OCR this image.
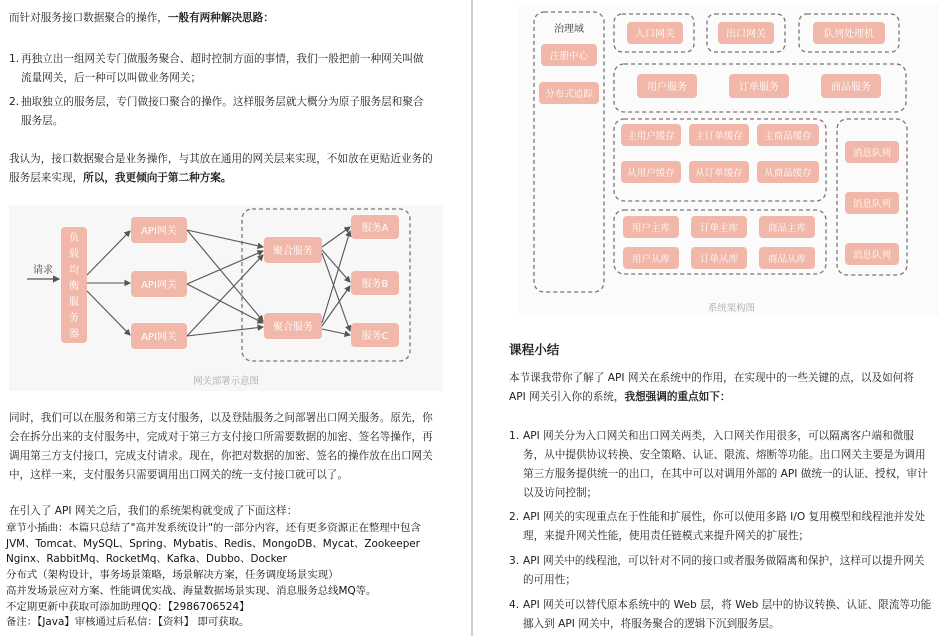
而针对服务接口数据聚合的操作，一般有两种解决思路：

1. 再独立出一组网关专门做服务聚合、超时控制方面的事情，我们一般把前一种网关叫做
流量网关，后一种可以叫做业务网关；

2. 抽取独立的服务层，专门做接口聚合的操作。这样服务层就大概分为原子服务层和聚合
服务层。

我认为，接口数据聚合是业务操作，与其放在通用的网关层来实现，不如放在更贴近业务的
服务层来实现，所以，我更倾向于第二种方案。

请求
负
载
均
衡
服
务
器
API网关
API网关
API网关
聚合服务
聚合服务
服务A
服务B
服务C
网关部署示意图

同时，我们可以在服务和第三方支付服务，以及登陆服务之间部署出口网关服务。原先，你
会在拆分出来的支付服务中，完成对于第三方支付接口所需要数据的加密、签名等操作，再
调用第三方支付接口，完成支付请求。现在，你把对数据的加密、签名的操作放在出口网关
中，这样一来，支付服务只需要调用出口网关的统一支付接口就可以了。

在引入了 API 网关之后，我们的系统架构就变成了下面这样：

章节小插曲：本篇只总结了"高并发系统设计"的一部分内容，还有更多资源正在整理中包含
JVM、Tomcat、MySQL、Spring、Mybatis、Redis、MongoDB、Mycat、Zookeeper
Nginx、RabbitMq、RocketMq、Kafka、Dubbo、Docker
分布式（架构设计，事务场景策略，场景解决方案，任务调度场景实现）
高并发场景应对方案、性能调优实战、海量数据场景实现、消息服务总线MQ等。
不定期更新中获取可添加助理QQ：【2986706524】
备注：【Java】审核通过后私信：【资料】 即可获取。
治理域
注册中心
分布式追踪
入口网关	出口网关	队列处理机
用户服务	订单服务	商品服务
主用户缓存 主订单缓存 主商品缓存
从用户缓存 从订单缓存 从商品缓存
用户主库	订单主库	商品主库
用户从库	订单从库	商品从库
消息队列
消息队列
消息队列
系统架构图
课程小结

本节课我带你了解了 API 网关在系统中的作用，在实现中的一些关键的点，以及如何将
API 网关引入你的系统，我想强调的重点如下：

1. API 网关分为入口网关和出口网关两类，入口网关作用很多，可以隔离客户端和微服
务，从中提供协议转换、安全策略、认证、限流、熔断等功能。出口网关主要是为调用
第三方服务提供统一的出口，在其中可以对调用外部的 API 做统一的认证、授权，审计
以及访问控制；

2. API 网关的实现重点在于性能和扩展性，你可以使用多路 I/O 复用模型和线程池并发处
理，来提升网关性能，使用责任链模式来提升网关的扩展性；

3. API 网关中的线程池，可以针对不同的接口或者服务做隔离和保护，这样可以提升网关
的可用性；

4. API 网关可以替代原本系统中的 Web 层，将 Web 层中的协议转换、认证、限流等功能
挪入到 API 网关中，将服务聚合的逻辑下沉到服务层。
